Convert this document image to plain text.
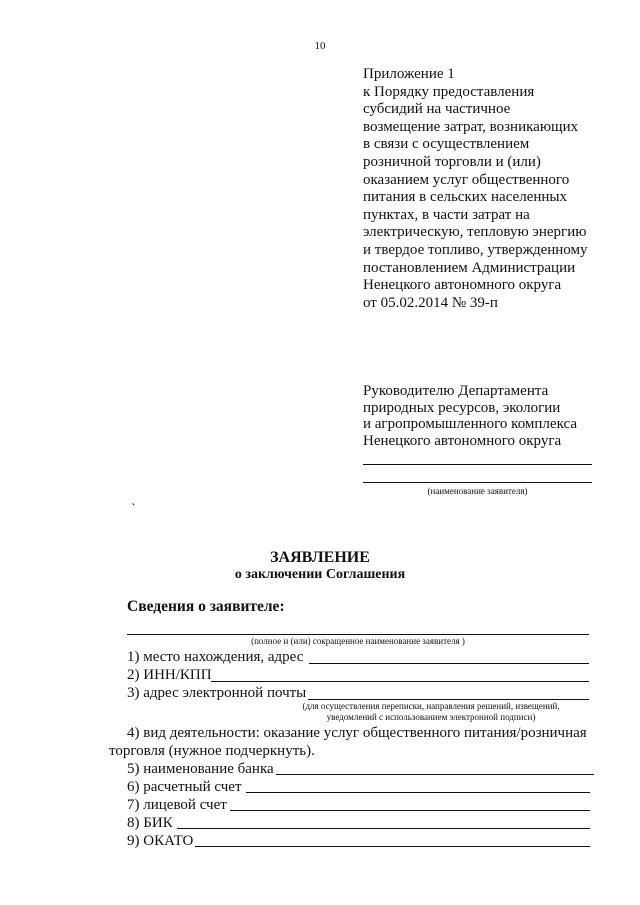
10
Приложение 1
к Порядку предоставления
субсидий на частичное
возмещение затрат, возникающих
в связи с осуществлением
розничной торговли и (или)
оказанием услуг общественного
питания в сельских населенных
пунктах, в части затрат на
электрическую, тепловую энергию
и твердое топливо, утвержденному
постановлением Администрации
Ненецкого автономного округа
от 05.02.2014 № 39-п
Руководителю Департамента
природных ресурсов, экологии
и агропромышленного комплекса
Ненецкого автономного округа
(наименование заявителя)
`
ЗАЯВЛЕНИЕ
о заключении Соглашения
Сведения о заявителе:
(полное и (или) сокращенное наименование заявителя )
1) место нахождения, адрес
2) ИНН/КПП
3) адрес электронной почты
(для осуществления переписки, направления решений, извещений,
уведомлений с использованием электронной подписи)
4) вид деятельности: оказание услуг общественного питания/розничная
торговля (нужное подчеркнуть).
5) наименование банка
6) расчетный счет
7) лицевой счет
8) БИК
9) ОКАТО
